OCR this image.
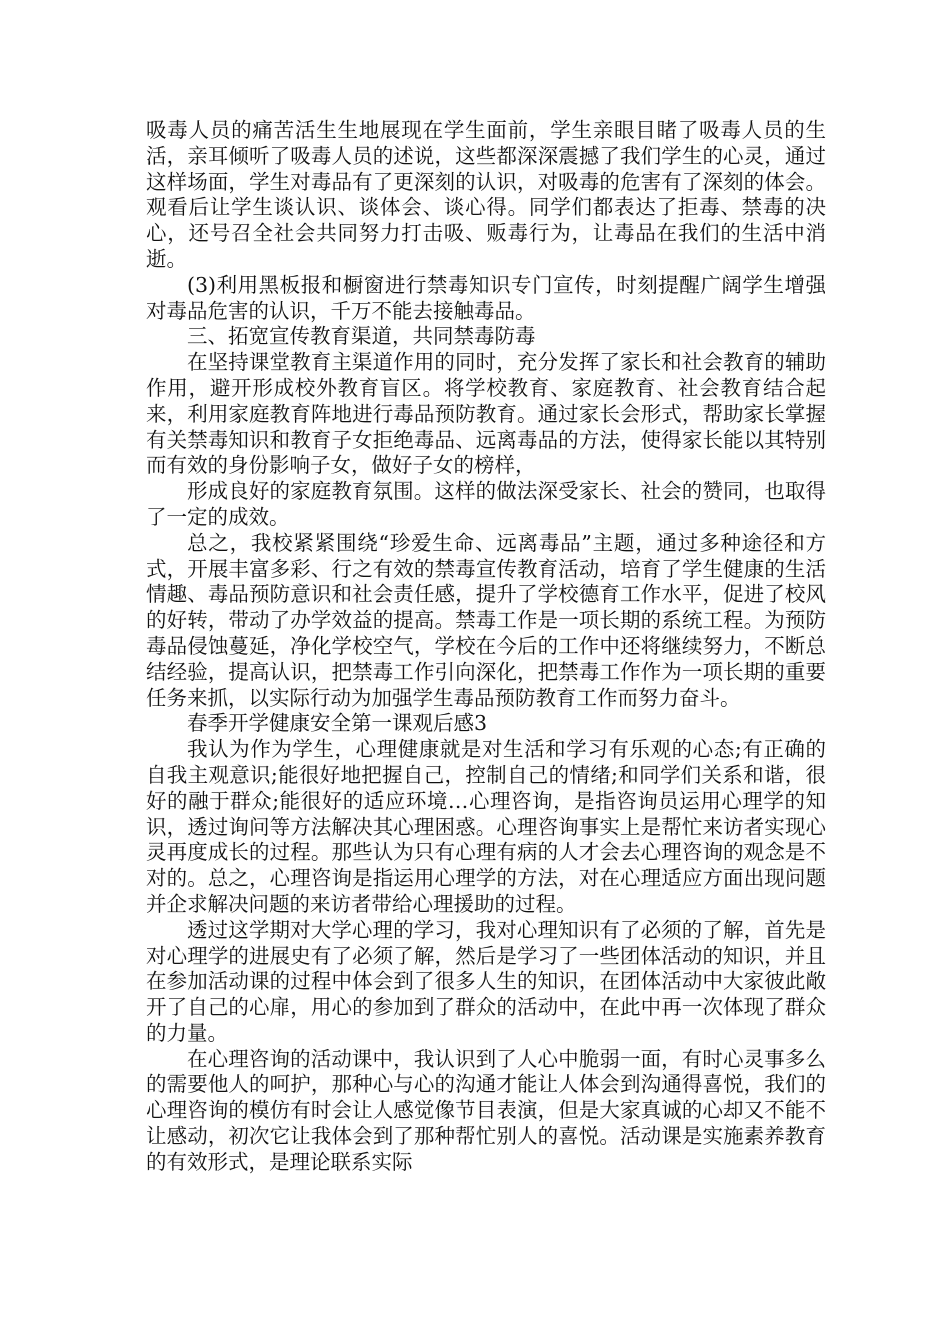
吸毒人员的痛苦活生生地展现在学生面前，学生亲眼目睹了吸毒人员的生活，亲耳倾听了吸毒人员的述说，这些都深深震撼了我们学生的心灵，通过这样场面，学生对毒品有了更深刻的认识，对吸毒的危害有了深刻的体会。观看后让学生谈认识、谈体会、谈心得。同学们都表达了拒毒、禁毒的决心，还号召全社会共同努力打击吸、贩毒行为，让毒品在我们的生活中消逝。

(3)利用黑板报和橱窗进行禁毒知识专门宣传，时刻提醒广阔学生增强对毒品危害的认识，千万不能去接触毒品。

三、拓宽宣传教育渠道，共同禁毒防毒

在坚持课堂教育主渠道作用的同时，充分发挥了家长和社会教育的辅助作用，避开形成校外教育盲区。将学校教育、家庭教育、社会教育结合起来，利用家庭教育阵地进行毒品预防教育。通过家长会形式，帮助家长掌握有关禁毒知识和教育子女拒绝毒品、远离毒品的方法，使得家长能以其特别而有效的身份影响子女，做好子女的榜样，

形成良好的家庭教育氛围。这样的做法深受家长、社会的赞同，也取得了一定的成效。

总之，我校紧紧围绕“珍爱生命、远离毒品”主题，通过多种途径和方式，开展丰富多彩、行之有效的禁毒宣传教育活动，培育了学生健康的生活情趣、毒品预防意识和社会责任感，提升了学校德育工作水平，促进了校风的好转，带动了办学效益的提高。禁毒工作是一项长期的系统工程。为预防毒品侵蚀蔓延，净化学校空气，学校在今后的工作中还将继续努力，不断总结经验，提高认识，把禁毒工作引向深化，把禁毒工作作为一项长期的重要任务来抓，以实际行动为加强学生毒品预防教育工作而努力奋斗。

春季开学健康安全第一课观后感3

我认为作为学生，心理健康就是对生活和学习有乐观的心态;有正确的自我主观意识;能很好地把握自己，控制自己的情绪;和同学们关系和谐，很好的融于群众;能很好的适应环境…心理咨询，是指咨询员运用心理学的知识，透过询问等方法解决其心理困惑。心理咨询事实上是帮忙来访者实现心灵再度成长的过程。那些认为只有心理有病的人才会去心理咨询的观念是不对的。总之，心理咨询是指运用心理学的方法，对在心理适应方面出现问题并企求解决问题的来访者带给心理援助的过程。

透过这学期对大学心理的学习，我对心理知识有了必须的了解，首先是对心理学的进展史有了必须了解，然后是学习了一些团体活动的知识，并且在参加活动课的过程中体会到了很多人生的知识，在团体活动中大家彼此敞开了自己的心扉，用心的参加到了群众的活动中，在此中再一次体现了群众的力量。

在心理咨询的活动课中，我认识到了人心中脆弱一面，有时心灵事多么的需要他人的呵护，那种心与心的沟通才能让人体会到沟通得喜悦，我们的心理咨询的模仿有时会让人感觉像节目表演，但是大家真诚的心却又不能不让感动，初次它让我体会到了那种帮忙别人的喜悦。活动课是实施素养教育的有效形式，是理论联系实际
